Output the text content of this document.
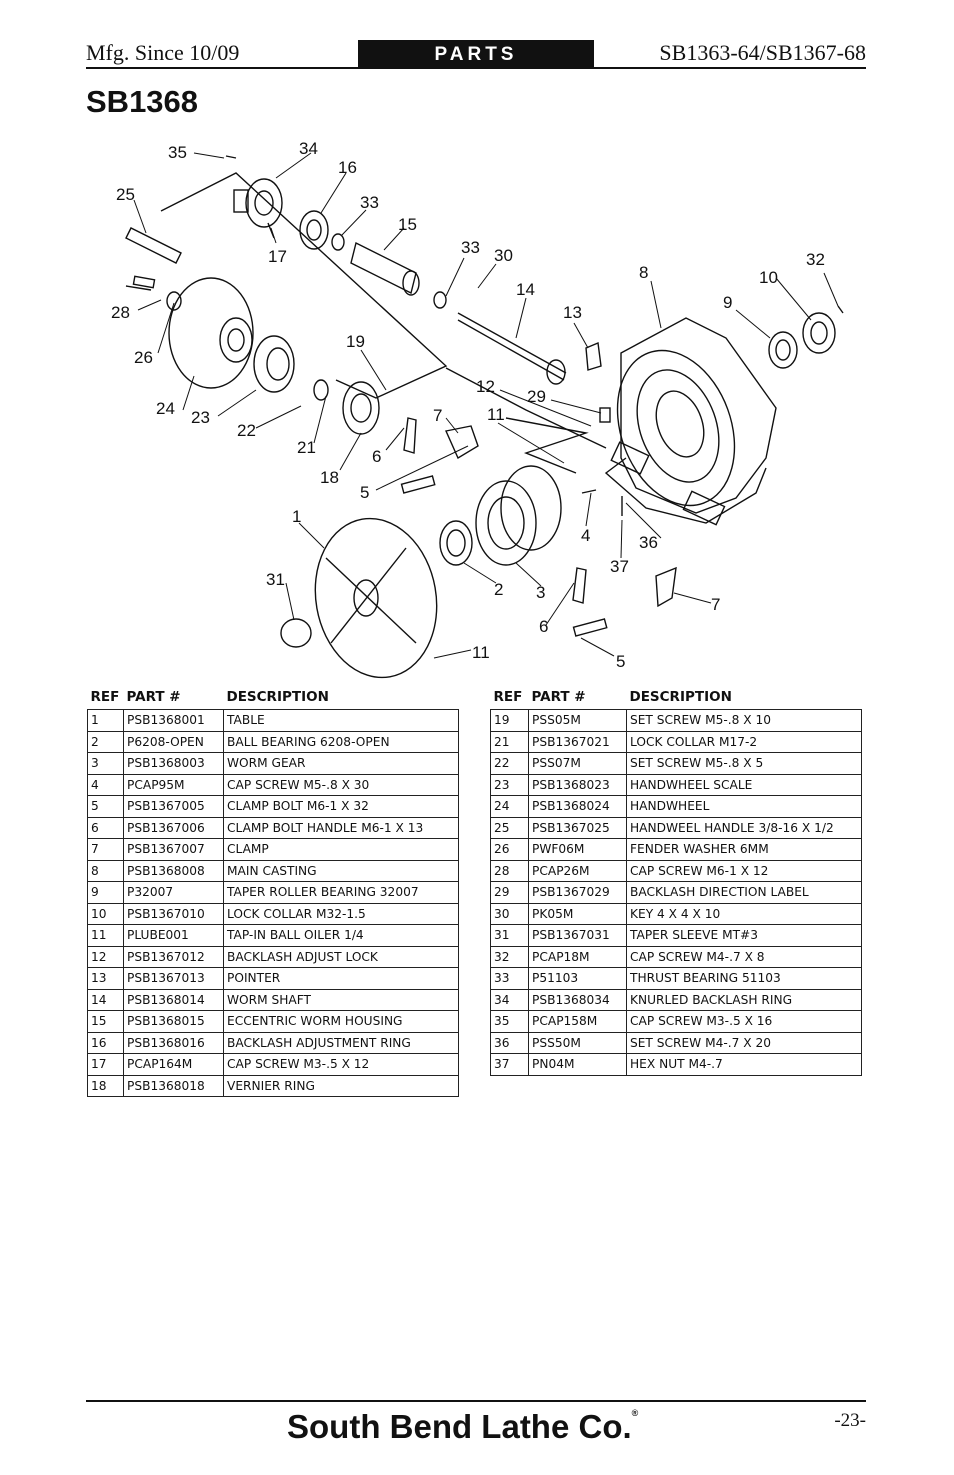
Mfg. Since 10/09	PARTS	SB1363-64/SB1367-68
SB1368
35	34
16
33
15
25
17	33 30	32
8	10
9
14
13
28
26
19
12
29
24 23
22
21
7	11
6
18
5
1
4	36
37
31
2 3
7
6
11	5
REF	PART #	DESCRIPTION
1	PSB1368001	TABLE
2	P6208-OPEN	BALL BEARING 6208-OPEN
3	PSB1368003	WORM GEAR
4	PCAP95M	CAP SCREW M5-.8 X 30
5	PSB1367005	CLAMP BOLT M6-1 X 32
6	PSB1367006	CLAMP BOLT HANDLE M6-1 X 13
7	PSB1367007	CLAMP
8	PSB1368008	MAIN CASTING
9	P32007	TAPER ROLLER BEARING 32007
10	PSB1367010	LOCK COLLAR M32-1.5
11	PLUBE001	TAP-IN BALL OILER 1/4
12	PSB1367012	BACKLASH ADJUST LOCK
13	PSB1367013	POINTER
14	PSB1368014	WORM SHAFT
15	PSB1368015	ECCENTRIC WORM HOUSING
16	PSB1368016	BACKLASH ADJUSTMENT RING
17	PCAP164M	CAP SCREW M3-.5 X 12
18	PSB1368018	VERNIER RING
REF	PART #	DESCRIPTION
19	PSS05M	SET SCREW M5-.8 X 10
21	PSB1367021	LOCK COLLAR M17-2
22	PSS07M	SET SCREW M5-.8 X 5
23	PSB1368023	HANDWHEEL SCALE
24	PSB1368024	HANDWHEEL
25	PSB1367025	HANDWEEL HANDLE 3/8-16 X 1/2
26	PWF06M	FENDER WASHER 6MM
28	PCAP26M	CAP SCREW M6-1 X 12
29	PSB1367029	BACKLASH DIRECTION LABEL
30	PK05M	KEY 4 X 4 X 10
31	PSB1367031	TAPER SLEEVE MT#3
32	PCAP18M	CAP SCREW M4-.7 X 8
33	P51103	THRUST BEARING 51103
34	PSB1368034	KNURLED BACKLASH RING
35	PCAP158M	CAP SCREW M3-.5 X 16
36	PSS50M	SET SCREW M4-.7 X 20
37	PN04M	HEX NUT M4-.7
South Bend Lathe Co.®	-23-
